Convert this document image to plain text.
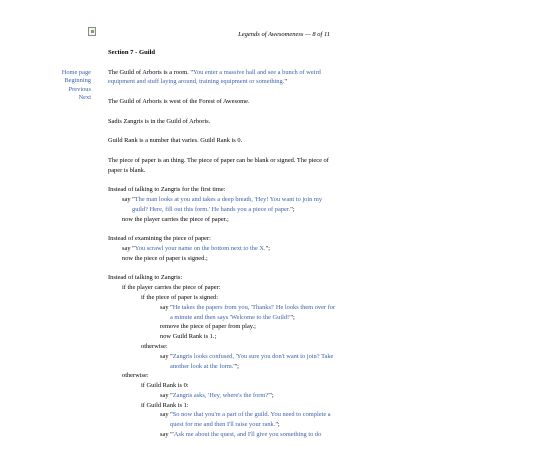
Legends of Awesomeness — 8 of 11
Home page
Beginning
Previous
Next
Section 7 - Guild

The Guild of Arboris is a room. "You enter a massive hall and see a bunch of weird equipment and stuff laying around, training equipment or something."

The Guild of Arboris is west of the Forest of Awesome.

Sadis Zangris is in the Guild of Arboris.

Guild Rank is a number that varies. Guild Rank is 0.

The piece of paper is an thing. The piece of paper can be blank or signed. The piece of paper is blank.

Instead of talking to Zangris for the first time:
say "The man looks at you and takes a deep breath, 'Hey! You want to join my guild? Here, fill out this form.' He hands you a piece of paper.";
now the player carries the piece of paper.;
Instead of examining the piece of paper:
say "You scrawl your name on the bottom next to the X.";
now the piece of paper is signed.;
Instead of talking to Zangris:
if the player carries the piece of paper:
if the piece of paper is signed:
say "He takes the papers from you, 'Thanks!' He looks them over for a minute and then says 'Welcome to the Guild!'";
remove the piece of paper from play.;
now Guild Rank is 1.;
otherwise:
say "Zangris looks confused, 'You sure you don't want to join? Take another look at the form.'";
otherwise:
if Guild Rank is 0:
say "Zangris asks, 'Hey, where's the form?'";
if Guild Rank is 1:
say "So now that you're a part of the guild. You need to complete a quest for me and then I'll raise your rank.";
say "'Ask me about the quest, and I'll give you something to do
